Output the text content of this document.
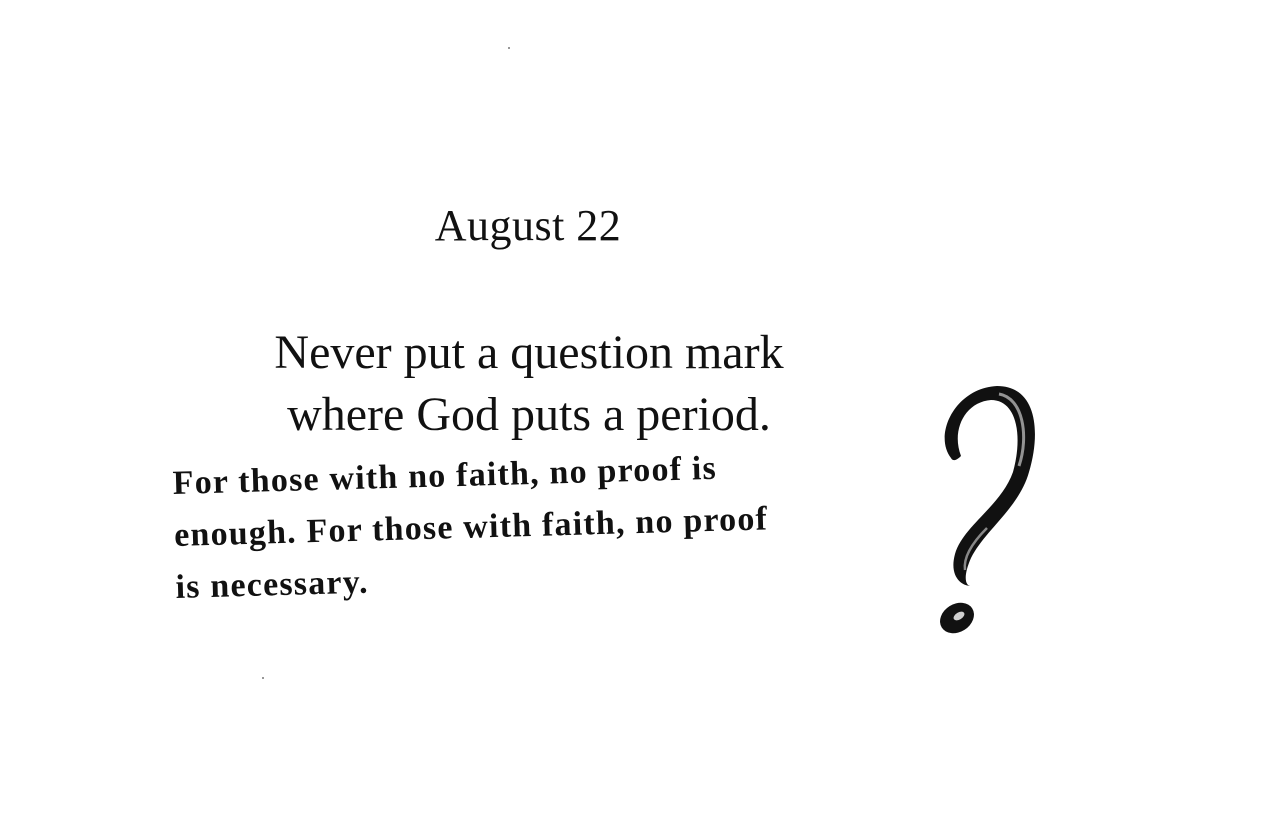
August 22
Never put a question mark
where God puts a period.
For those with no faith, no proof is
enough. For those with faith, no proof
is necessary.
